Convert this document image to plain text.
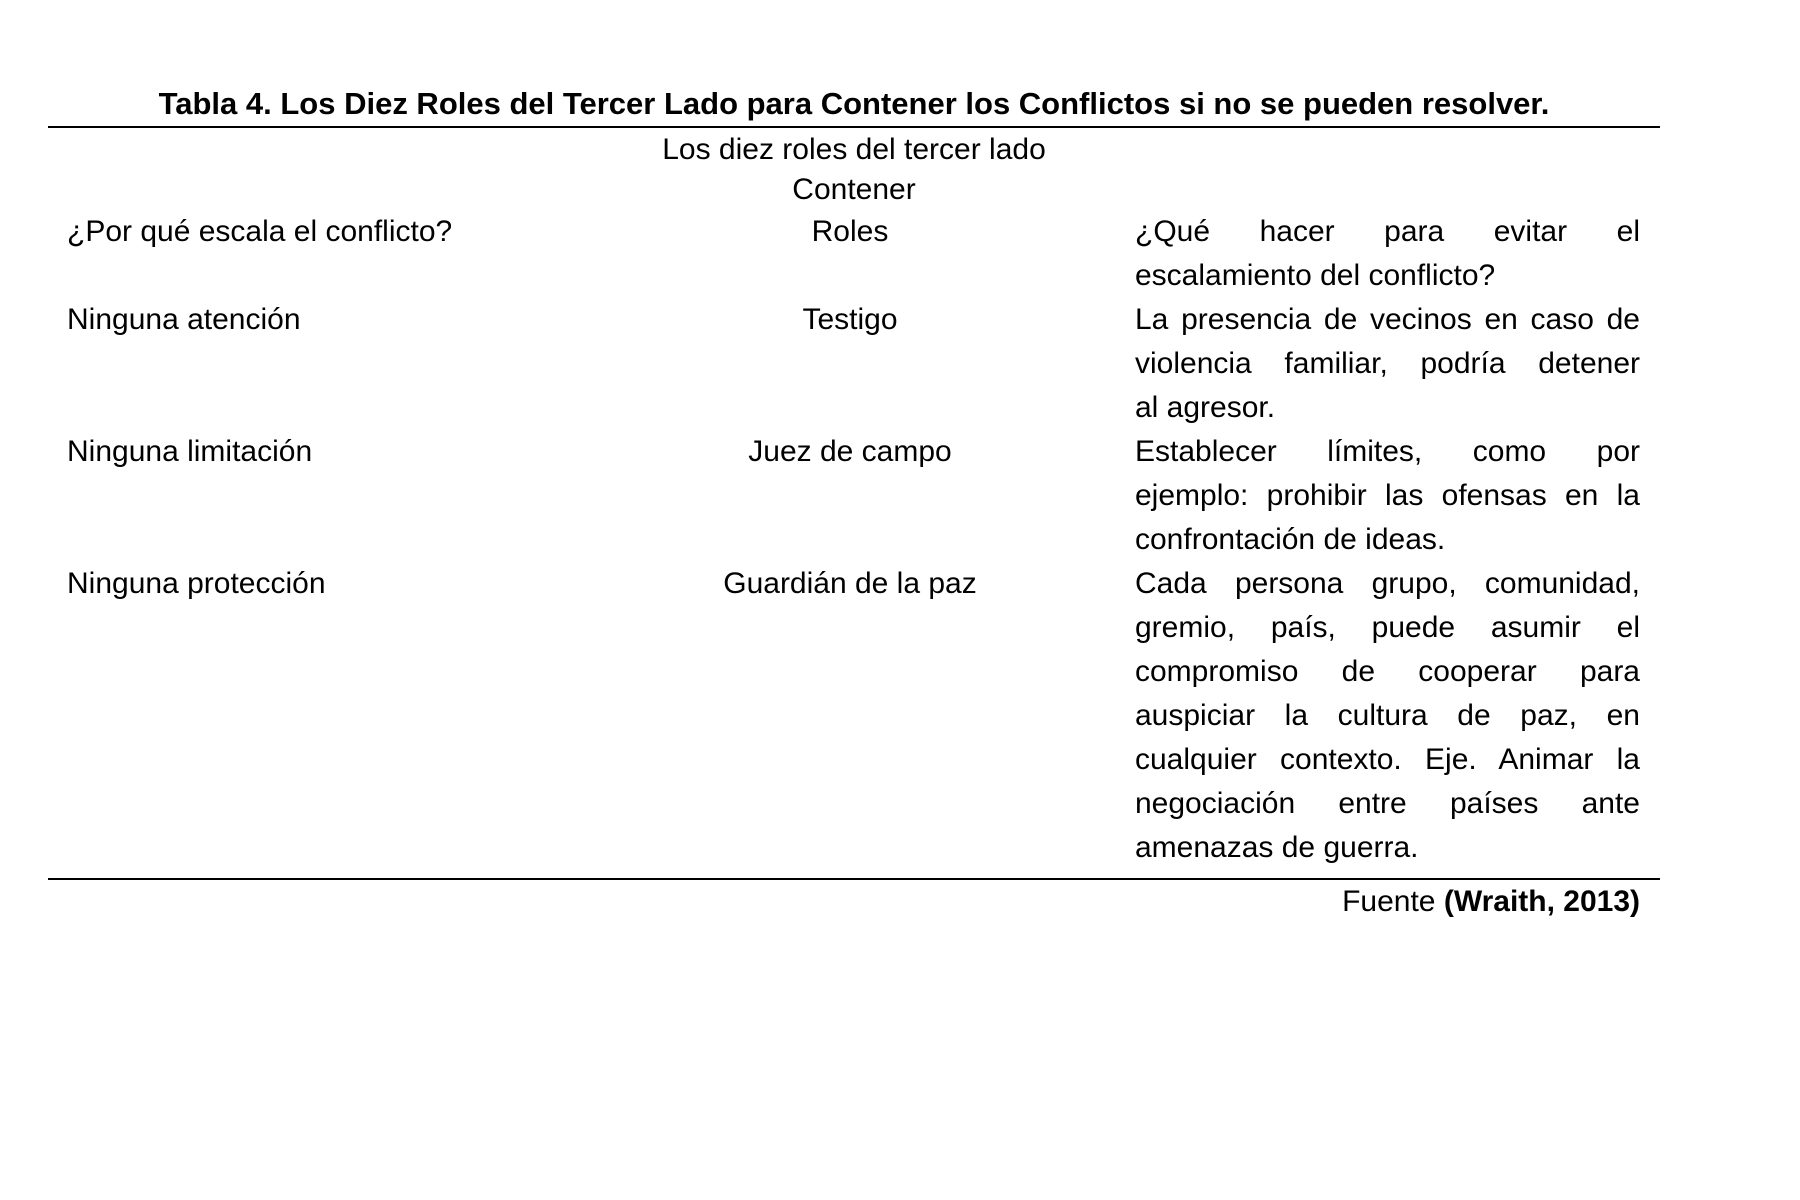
Tabla 4. Los Diez Roles del Tercer Lado para Contener los Conflictos si no se pueden resolver.
Los diez roles del tercer lado
Contener
¿Por qué escala el conflicto?	Roles	¿Qué hacer para evitar el
escalamiento del conflicto?
Ninguna atención	Testigo	La presencia de vecinos en caso de
violencia familiar, podría detener
al agresor.
Ninguna limitación	Juez de campo	Establecer límites, como por
ejemplo: prohibir las ofensas en la
confrontación de ideas.
Ninguna protección	Guardián de la paz	Cada persona grupo, comunidad,
gremio, país, puede asumir el
compromiso de cooperar para
auspiciar la cultura de paz, en
cualquier contexto. Eje. Animar la
negociación entre países ante
amenazas de guerra.
Fuente (Wraith, 2013)
